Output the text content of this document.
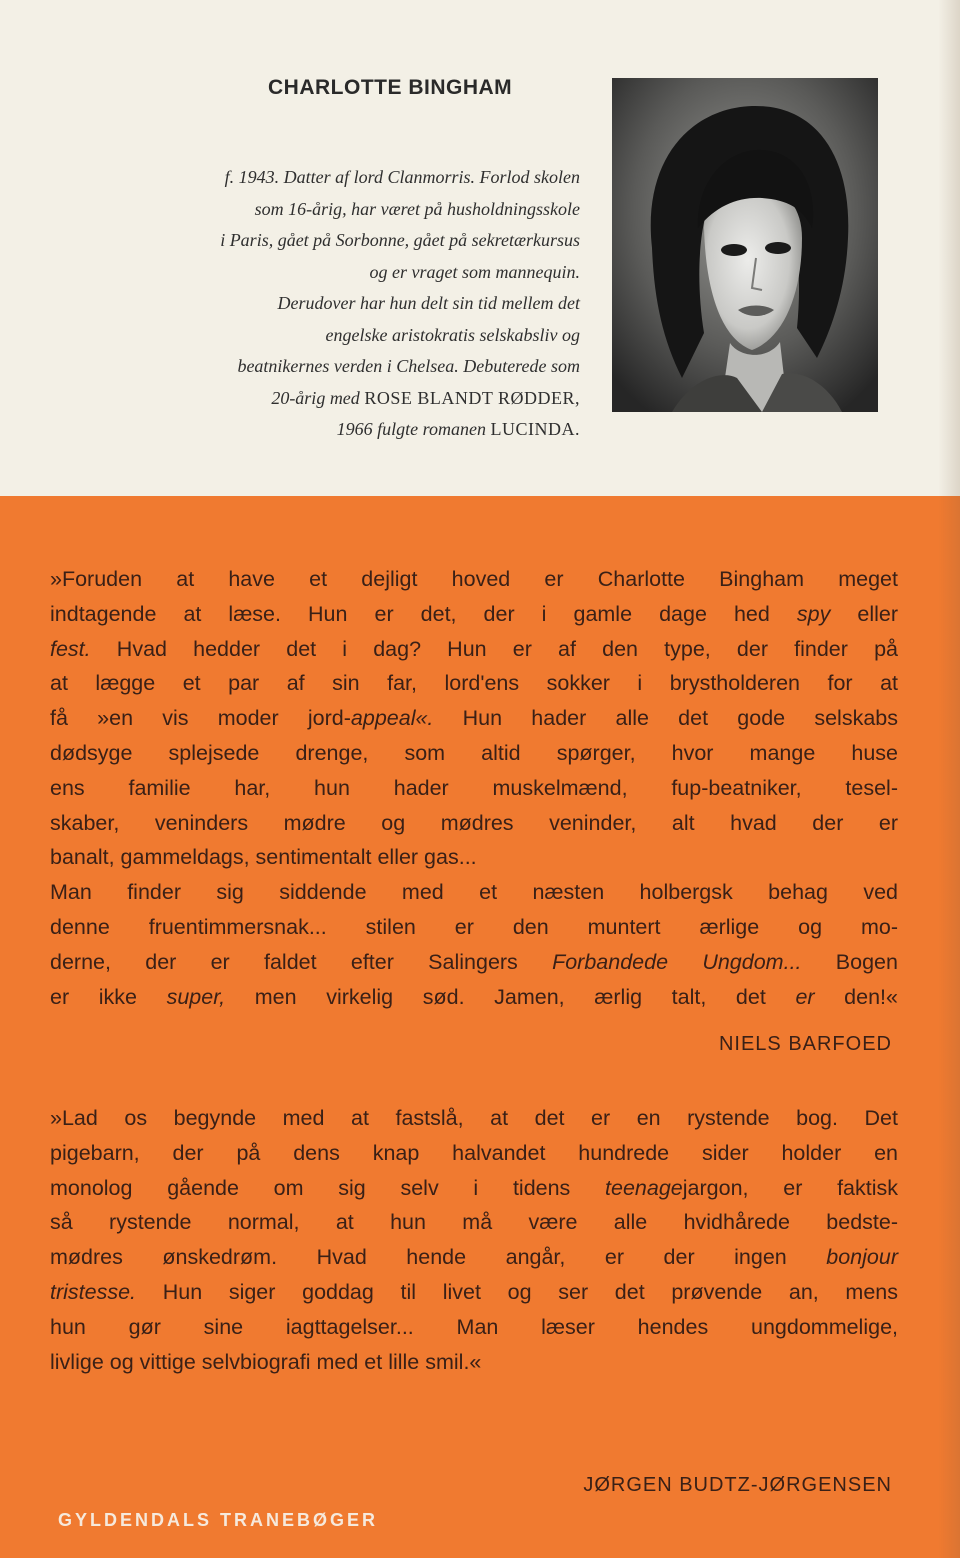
CHARLOTTE BINGHAM
f. 1943. Datter af lord Clanmorris. Forlod skolen
som 16-årig, har været på husholdningsskole
i Paris, gået på Sorbonne, gået på sekretærkursus
og er vraget som mannequin.
Derudover har hun delt sin tid mellem det
engelske aristokratis selskabsliv og
beatnikernes verden i Chelsea. Debuterede som
20-årig med ROSE BLANDT RØDDER,
1966 fulgte romanen LUCINDA.
»Foruden at have et dejligt hoved er Charlotte Bingham meget
indtagende at læse. Hun er det, der i gamle dage hed spy eller
fest. Hvad hedder det i dag? Hun er af den type, der finder på
at lægge et par af sin far, lord'ens sokker i brystholderen for at
få »en vis moder jord-appeal«. Hun hader alle det gode selskabs
dødsyge splejsede drenge, som altid spørger, hvor mange huse
ens familie har, hun hader muskelmænd, fup-beatniker, tesel-
skaber, veninders mødre og mødres veninder, alt hvad der er
banalt, gammeldags, sentimentalt eller gas...
Man finder sig siddende med et næsten holbergsk behag ved
denne fruentimmersnak... stilen er den muntert ærlige og mo-
derne, der er faldet efter Salingers Forbandede Ungdom... Bogen
er ikke super, men virkelig sød. Jamen, ærlig talt, det er den!«
NIELS BARFOED
»Lad os begynde med at fastslå, at det er en rystende bog. Det
pigebarn, der på dens knap halvandet hundrede sider holder en
monolog gående om sig selv i tidens teenagejargon, er faktisk
så rystende normal, at hun må være alle hvidhårede bedste-
mødres ønskedrøm. Hvad hende angår, er der ingen bonjour
tristesse. Hun siger goddag til livet og ser det prøvende an, mens
hun gør sine iagttagelser... Man læser hendes ungdommelige,
livlige og vittige selvbiografi med et lille smil.«
JØRGEN BUDTZ-JØRGENSEN
GYLDENDALS TRANEBØGER
